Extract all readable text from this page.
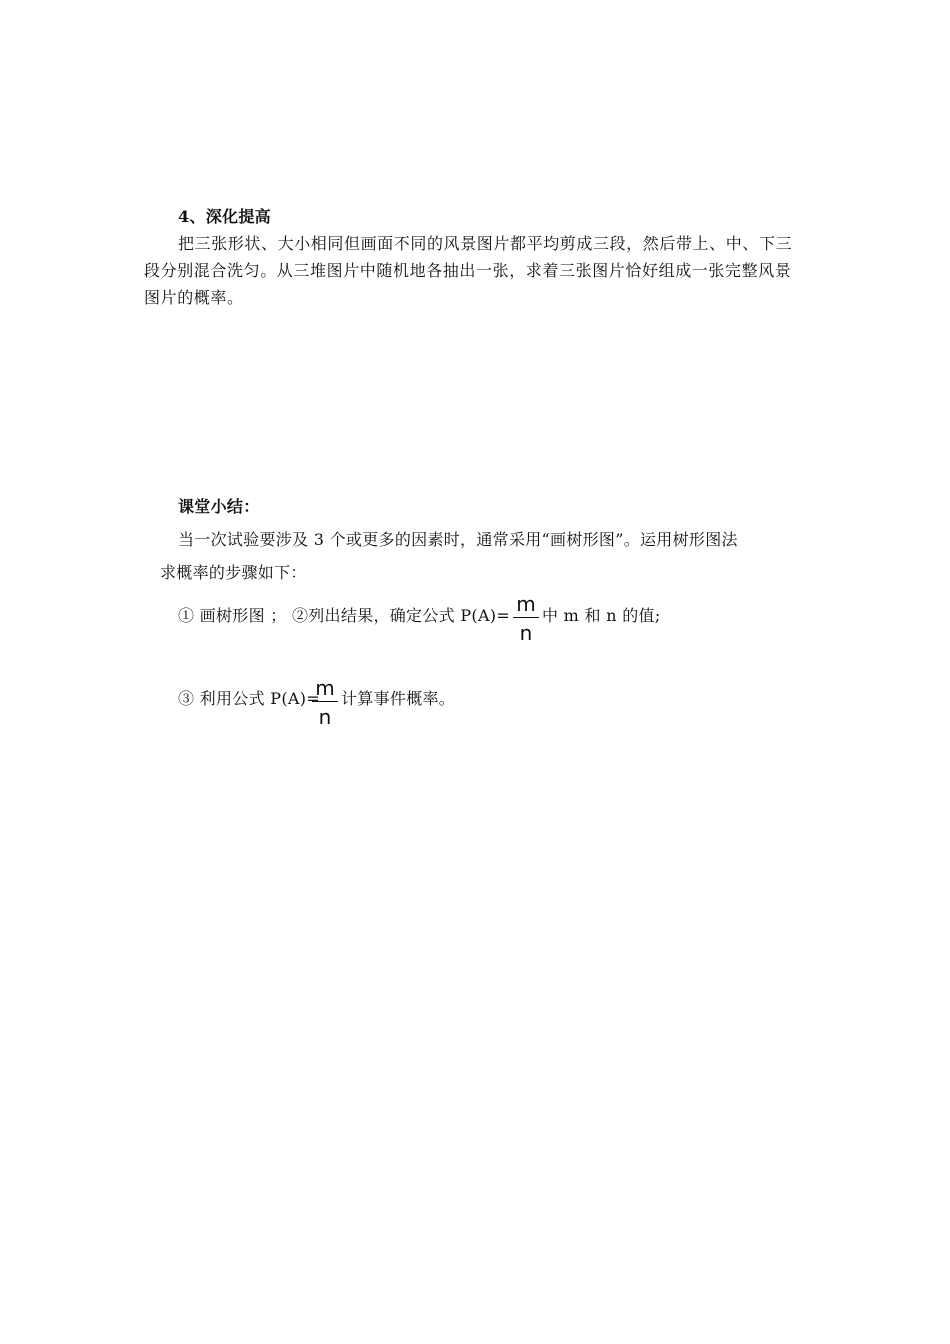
4、深化提高
把三张形状、大小相同但画面不同的风景图片都平均剪成三段，然后带上、中、下三
段分别混合洗匀。从三堆图片中随机地各抽出一张，求着三张图片恰好组成一张完整风景
图片的概率。
课堂小结：
当一次试验要涉及 3 个或更多的因素时，通常采用“画树形图”。运用树形图法
求概率的步骤如下：
① 画树形图 ； ②列出结果，确定公式 P(A)= m
n
中 m 和 n 的值;
③ 利用公式 P(A)=
m
n
计算事件概率。
